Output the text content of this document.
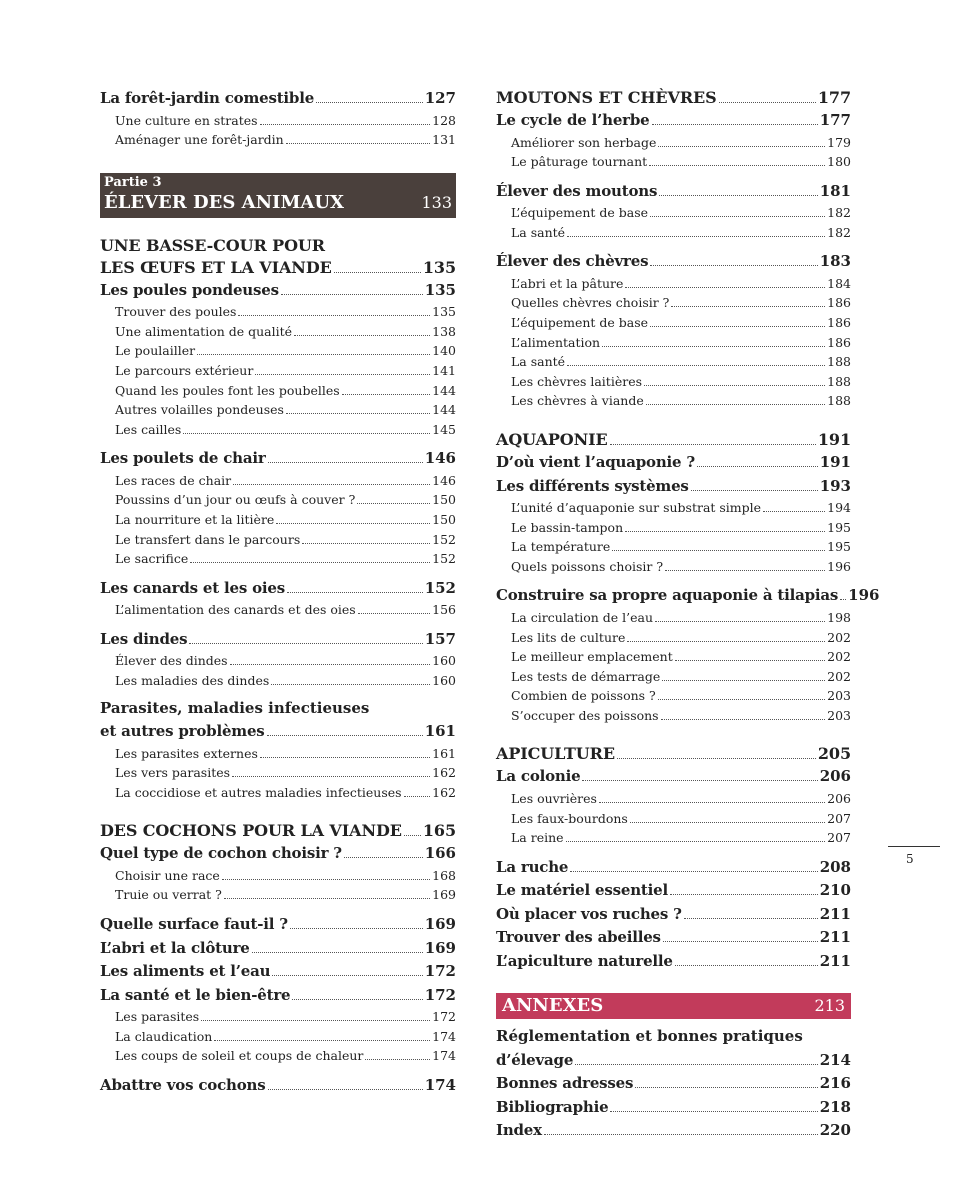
La forêt-jardin comestible	127
Une culture en strates	128
Aménager une forêt-jardin	131
Partie 3
ÉLEVER DES ANIMAUX	133
UNE BASSE-COUR POUR
LES ŒUFS ET LA VIANDE	135
Les poules pondeuses	135
Trouver des poules	135
Une alimentation de qualité	138
Le poulailler	140
Le parcours extérieur	141
Quand les poules font les poubelles	144
Autres volailles pondeuses	144
Les cailles	145
Les poulets de chair	146
Les races de chair	146
Poussins d’un jour ou œufs à couver ?	150
La nourriture et la litière	150
Le transfert dans le parcours	152
Le sacrifice	152
Les canards et les oies	152
L’alimentation des canards et des oies	156
Les dindes	157
Élever des dindes	160
Les maladies des dindes	160
Parasites, maladies infectieuses
et autres problèmes	161
Les parasites externes	161
Les vers parasites	162
La coccidiose et autres maladies infectieuses 162
DES COCHONS POUR LA VIANDE 165
Quel type de cochon choisir ?	166
Choisir une race	168
Truie ou verrat ?	169
Quelle surface faut-il ?	169
L’abri et la clôture	169
Les aliments et l’eau	172
La santé et le bien-être	172
Les parasites	172
La claudication	174
Les coups de soleil et coups de chaleur	174
Abattre vos cochons	174
MOUTONS ET CHÈVRES	177
Le cycle de l’herbe	177
Améliorer son herbage	179
Le pâturage tournant	180
Élever des moutons	181
L’équipement de base	182
La santé	182
Élever des chèvres	183
L’abri et la pâture	184
Quelles chèvres choisir ?	186
L’équipement de base	186
L’alimentation	186
La santé	188
Les chèvres laitières	188
Les chèvres à viande	188
AQUAPONIE	191
D’où vient l’aquaponie ?	191
Les différents systèmes	193
L’unité d’aquaponie sur substrat simple	194
Le bassin-tampon	195
La température	195
Quels poissons choisir ?	196
Construire sa propre aquaponie à tilapias 196
La circulation de l’eau	198
Les lits de culture	202
Le meilleur emplacement	202
Les tests de démarrage	202
Combien de poissons ?	203
S’occuper des poissons	203
APICULTURE	205
La colonie	206
Les ouvrières	206
Les faux-bourdons	207
La reine	207
La ruche	208
Le matériel essentiel	210
Où placer vos ruches ?	211
Trouver des abeilles	211
L’apiculture naturelle	211
ANNEXES	213
Réglementation et bonnes pratiques
d’élevage	214
Bonnes adresses	216
Bibliographie	218
Index	220
5
